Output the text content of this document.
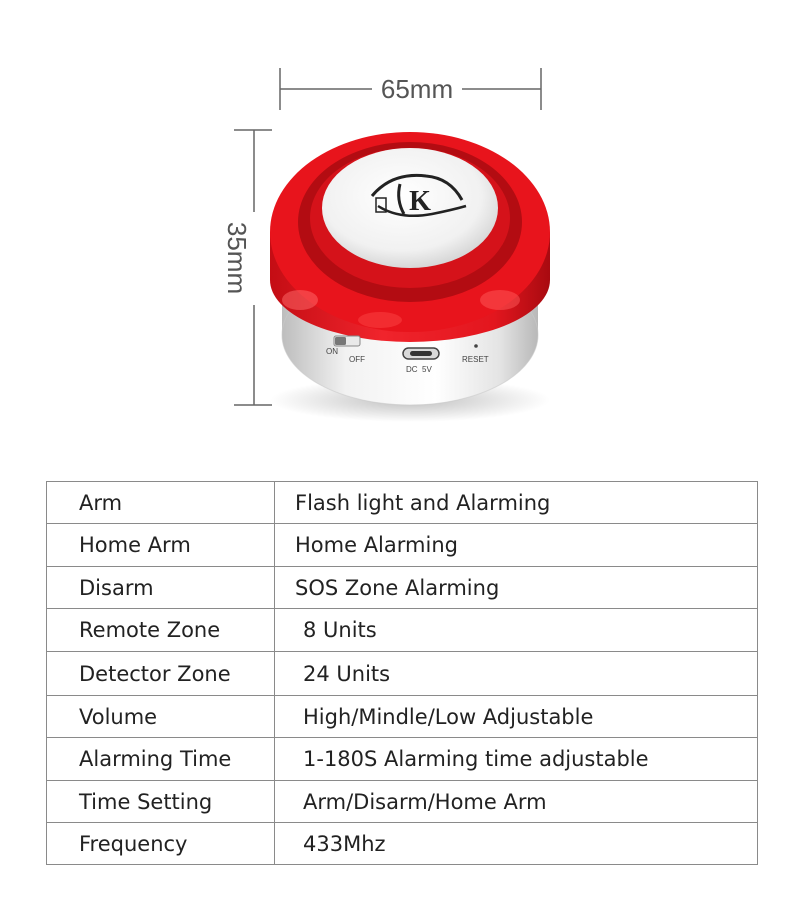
65mm
35mm
K
ON
OFF
DC  5V
RESET
Arm	Flash light and Alarming
Home Arm	Home Alarming
Disarm	SOS Zone Alarming
Remote Zone	8 Units
Detector Zone	24 Units
Volume	High/Mindle/Low Adjustable
Alarming Time	1-180S Alarming time adjustable
Time Setting	Arm/Disarm/Home Arm
Frequency	433Mhz
